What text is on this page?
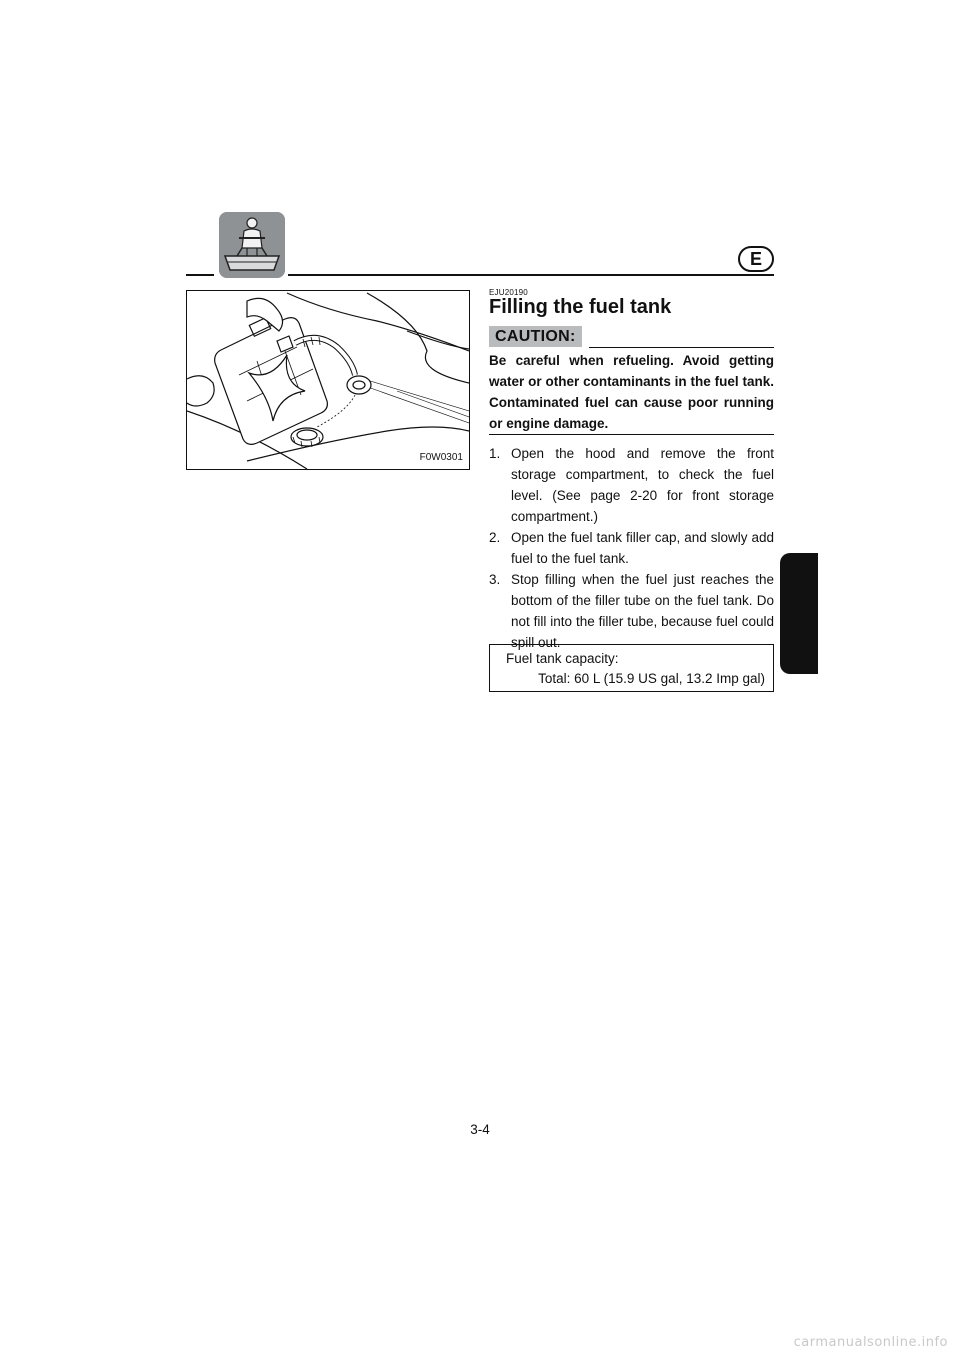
E
F0W0301
EJU20190
Filling the fuel tank
CAUTION:

Be careful when refueling. Avoid getting water or other contaminants in the fuel tank. Contaminated fuel can cause poor running or engine damage.

1. Open the hood and remove the front storage compartment, to check the fuel level. (See page 2-20 for front storage compartment.)
2. Open the fuel tank filler cap, and slowly add fuel to the fuel tank.
3. Stop filling when the fuel just reaches the bottom of the filler tube on the fuel tank. Do not fill into the filler tube, because fuel could spill out.
Fuel tank capacity:
Total: 60 L (15.9 US gal, 13.2 Imp gal)
3-4
carmanualsonline.info
